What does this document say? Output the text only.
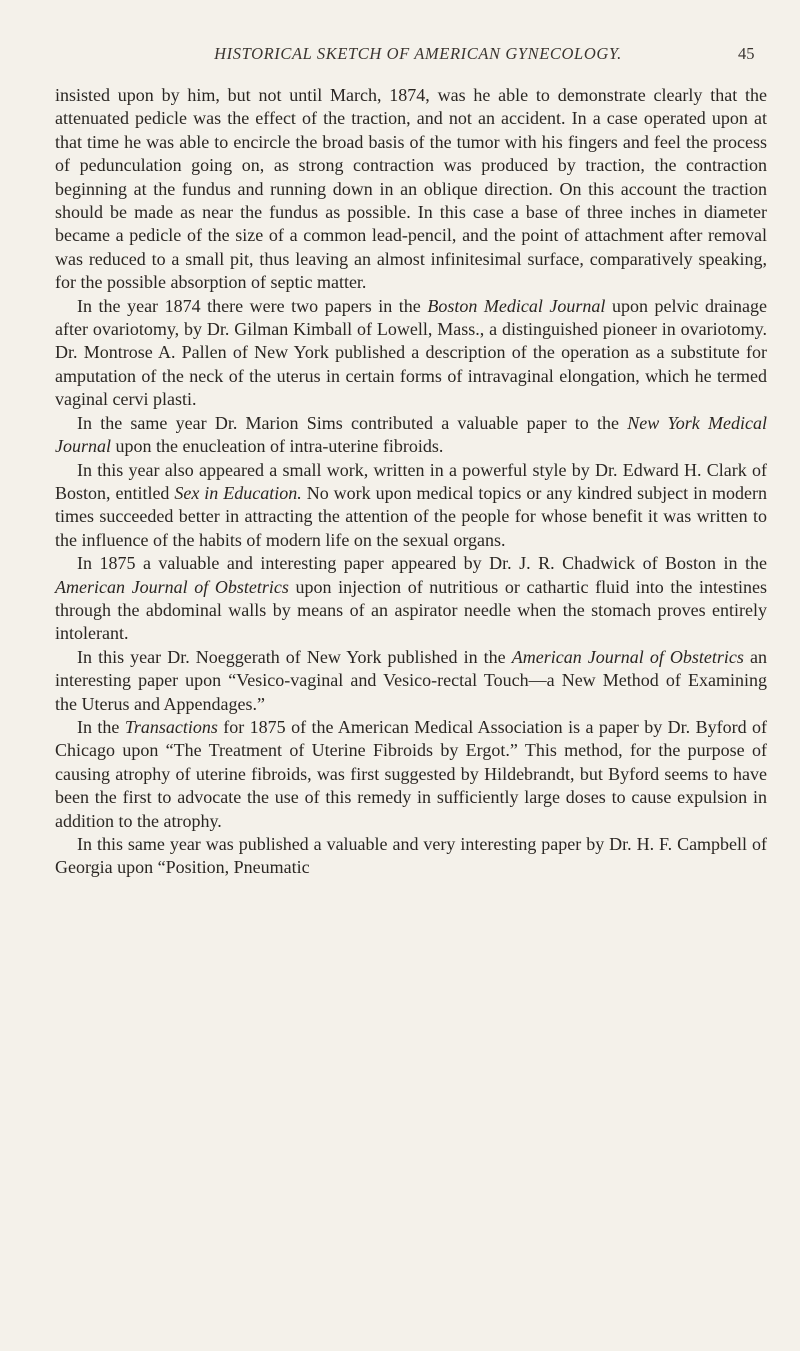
HISTORICAL SKETCH OF AMERICAN GYNECOLOGY.	45

insisted upon by him, but not until March, 1874, was he able to demonstrate clearly that the attenuated pedicle was the effect of the traction, and not an accident. In a case operated upon at that time he was able to encircle the broad basis of the tumor with his fingers and feel the process of pedunculation going on, as strong contraction was produced by traction, the contraction beginning at the fundus and running down in an oblique direction. On this account the traction should be made as near the fundus as possible. In this case a base of three inches in diameter became a pedicle of the size of a common lead-pencil, and the point of attachment after removal was reduced to a small pit, thus leaving an almost infinitesimal surface, comparatively speaking, for the possible absorption of septic matter.

In the year 1874 there were two papers in the Boston Medical Journal upon pelvic drainage after ovariotomy, by Dr. Gilman Kimball of Lowell, Mass., a distinguished pioneer in ovariotomy. Dr. Montrose A. Pallen of New York published a description of the operation as a substitute for amputation of the neck of the uterus in certain forms of intravaginal elongation, which he termed vaginal cervi plasti.

In the same year Dr. Marion Sims contributed a valuable paper to the New York Medical Journal upon the enucleation of intra-uterine fibroids.

In this year also appeared a small work, written in a powerful style by Dr. Edward H. Clark of Boston, entitled Sex in Education. No work upon medical topics or any kindred subject in modern times succeeded better in attracting the attention of the people for whose benefit it was written to the influence of the habits of modern life on the sexual organs.

In 1875 a valuable and interesting paper appeared by Dr. J. R. Chadwick of Boston in the American Journal of Obstetrics upon injection of nutritious or cathartic fluid into the intestines through the abdominal walls by means of an aspirator needle when the stomach proves entirely intolerant.

In this year Dr. Noeggerath of New York published in the American Journal of Obstetrics an interesting paper upon “Vesico-vaginal and Vesico-rectal Touch—a New Method of Examining the Uterus and Appendages.”

In the Transactions for 1875 of the American Medical Association is a paper by Dr. Byford of Chicago upon “The Treatment of Uterine Fibroids by Ergot.” This method, for the purpose of causing atrophy of uterine fibroids, was first suggested by Hildebrandt, but Byford seems to have been the first to advocate the use of this remedy in sufficiently large doses to cause expulsion in addition to the atrophy.

In this same year was published a valuable and very interesting paper by Dr. H. F. Campbell of Georgia upon “Position, Pneumatic
